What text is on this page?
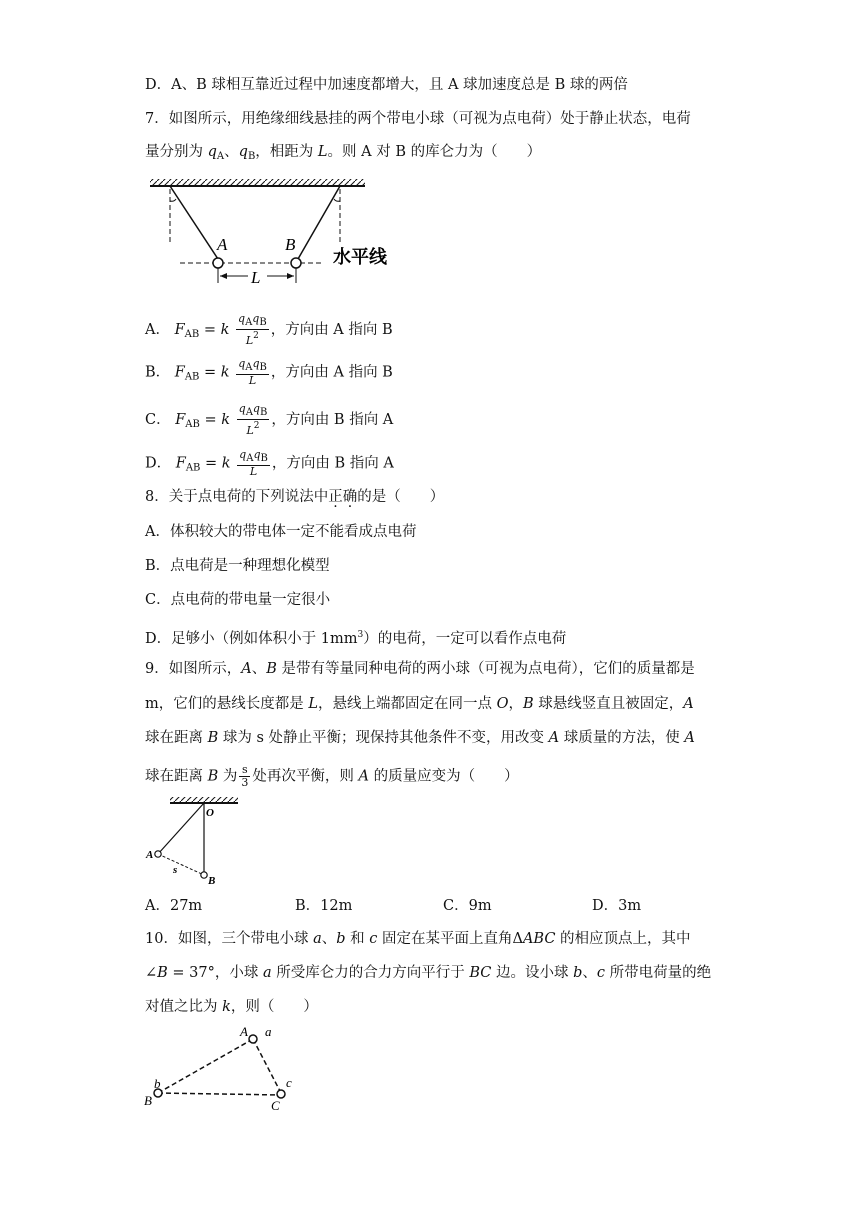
D．A、B 球相互靠近过程中加速度都增大，且 A 球加速度总是 B 球的两倍
7．如图所示，用绝缘细线悬挂的两个带电小球（可视为点电荷）处于静止状态，电荷
量分别为 $q_A$、$q_B$，相距为 L。则 A 对 B 的库仑力为（　　）
A	B
水平线
L
A． $F_{AB} = k \frac{\text{qAqB}}{L^2}$ ，方向由 A 指向 B
B． $F_{AB} = k \frac{\text{qAqB}}{L}$ ，方向由 A 指向 B
C． $F_{AB} = k \frac{\text{qAqB}}{L^2}$ ，方向由 B 指向 A
D． $F_{AB} = k \frac{\text{qAqB}}{L}$ ，方向由 B 指向 A
8．关于点电荷的下列说法中正确的是（　　）
A．体积较大的带电体一定不能看成点电荷
B．点电荷是一种理想化模型
C．点电荷的带电量一定很小
D．足够小（例如体积小于 $1mm^3$）的电荷，一定可以看作点电荷
9．如图所示，A、B 是带有等量同种电荷的两小球（可视为点电荷），它们的质量都是
m，它们的悬线长度都是 L，悬线上端都固定在同一点 O，B 球悬线竖直且被固定，A
球在距离 B 球为 s 处静止平衡；现保持其他条件不变，用改变 A 球质量的方法，使 A
球在距离 B 为 $\frac{s}{3}$ 处再次平衡，则 A 的质量应变为（　　）
O
A
B
s
A．27m	B．12m	C．9m	D．3m
10．如图，三个带电小球 a、b 和 c 固定在某平面上直角ΔABC 的相应顶点上，其中
∠B = 37°，小球 a 所受库仑力的合力方向平行于 BC 边。设小球 b、c 所带电荷量的绝
对值之比为 k，则（　　）
A a
b
B
c
C
